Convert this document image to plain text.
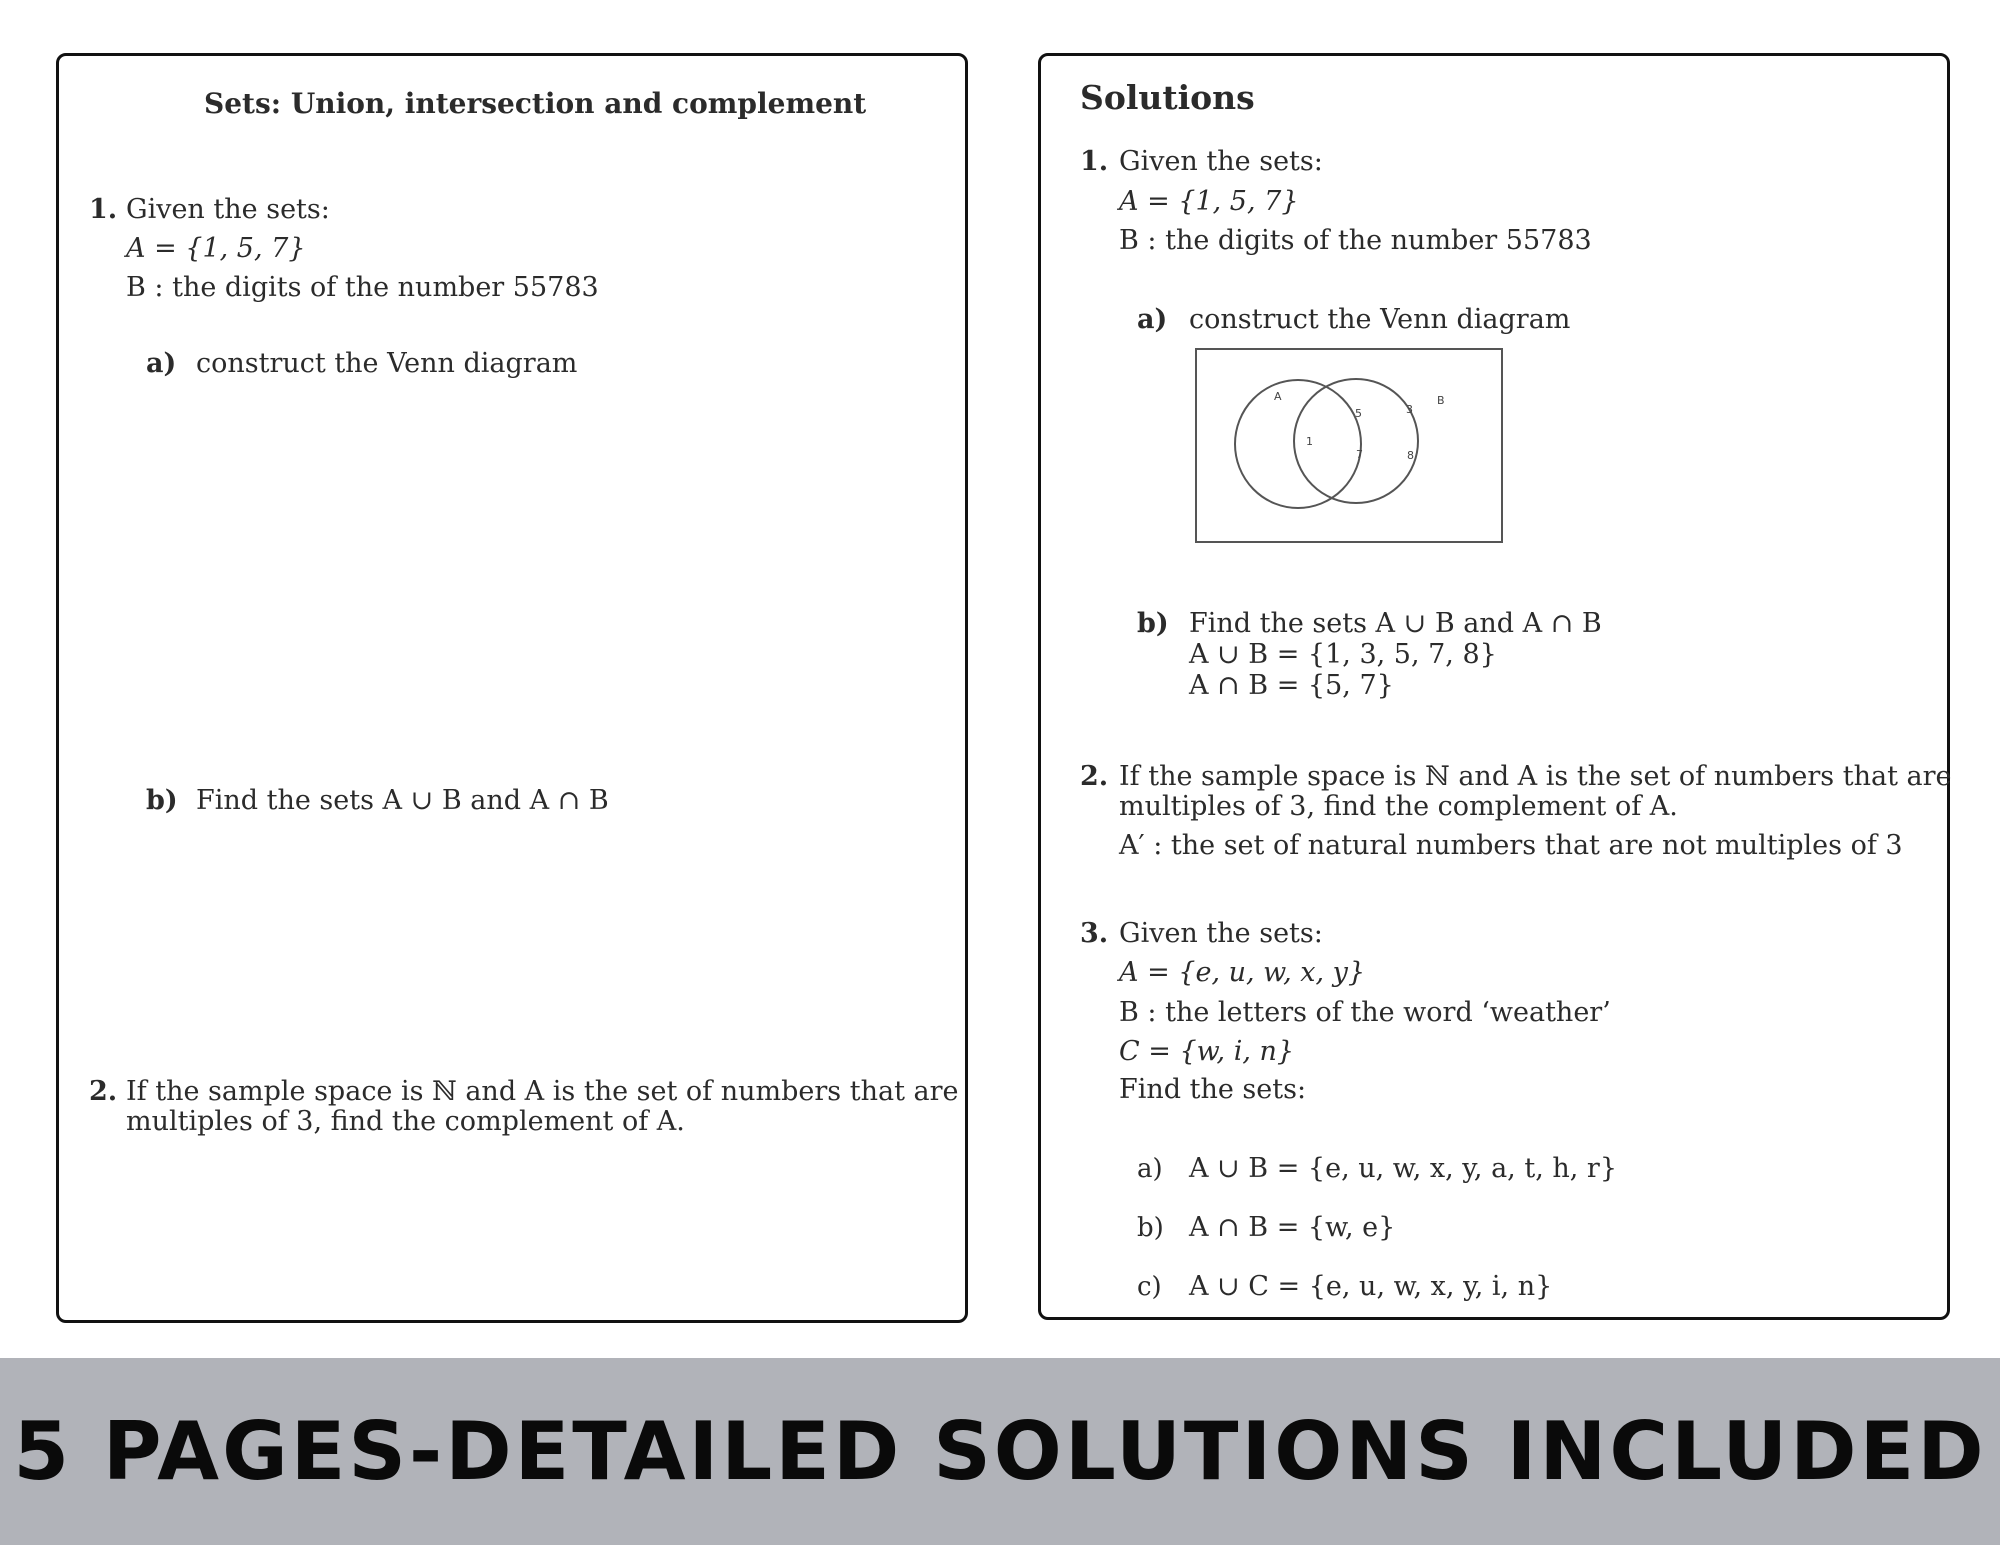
Sets: Union, intersection and complement
1. Given the sets:
A = {1, 5, 7}
B : the digits of the number 55783
a) construct the Venn diagram
b) Find the sets A ∪ B and A ∩ B
2. If the sample space is ℕ and A is the set of numbers that are
multiples of 3, find the complement of A.
Solutions
1. Given the sets:
A = {1, 5, 7}
B : the digits of the number 55783
a) construct the Venn diagram
A	B
1
5
7
3
8
b) Find the sets A ∪ B and A ∩ B
A ∪ B = {1, 3, 5, 7, 8}
A ∩ B = {5, 7}
2. If the sample space is ℕ and A is the set of numbers that are
multiples of 3, find the complement of A.
A′ : the set of natural numbers that are not multiples of 3
3. Given the sets:
A = {e, u, w, x, y}
B : the letters of the word ‘weather’
C = {w, i, n}
Find the sets:
a) A ∪ B = {e, u, w, x, y, a, t, h, r}
b) A ∩ B = {w, e}
c) A ∪ C = {e, u, w, x, y, i, n}
5 PAGES-DETAILED SOLUTIONS INCLUDED
